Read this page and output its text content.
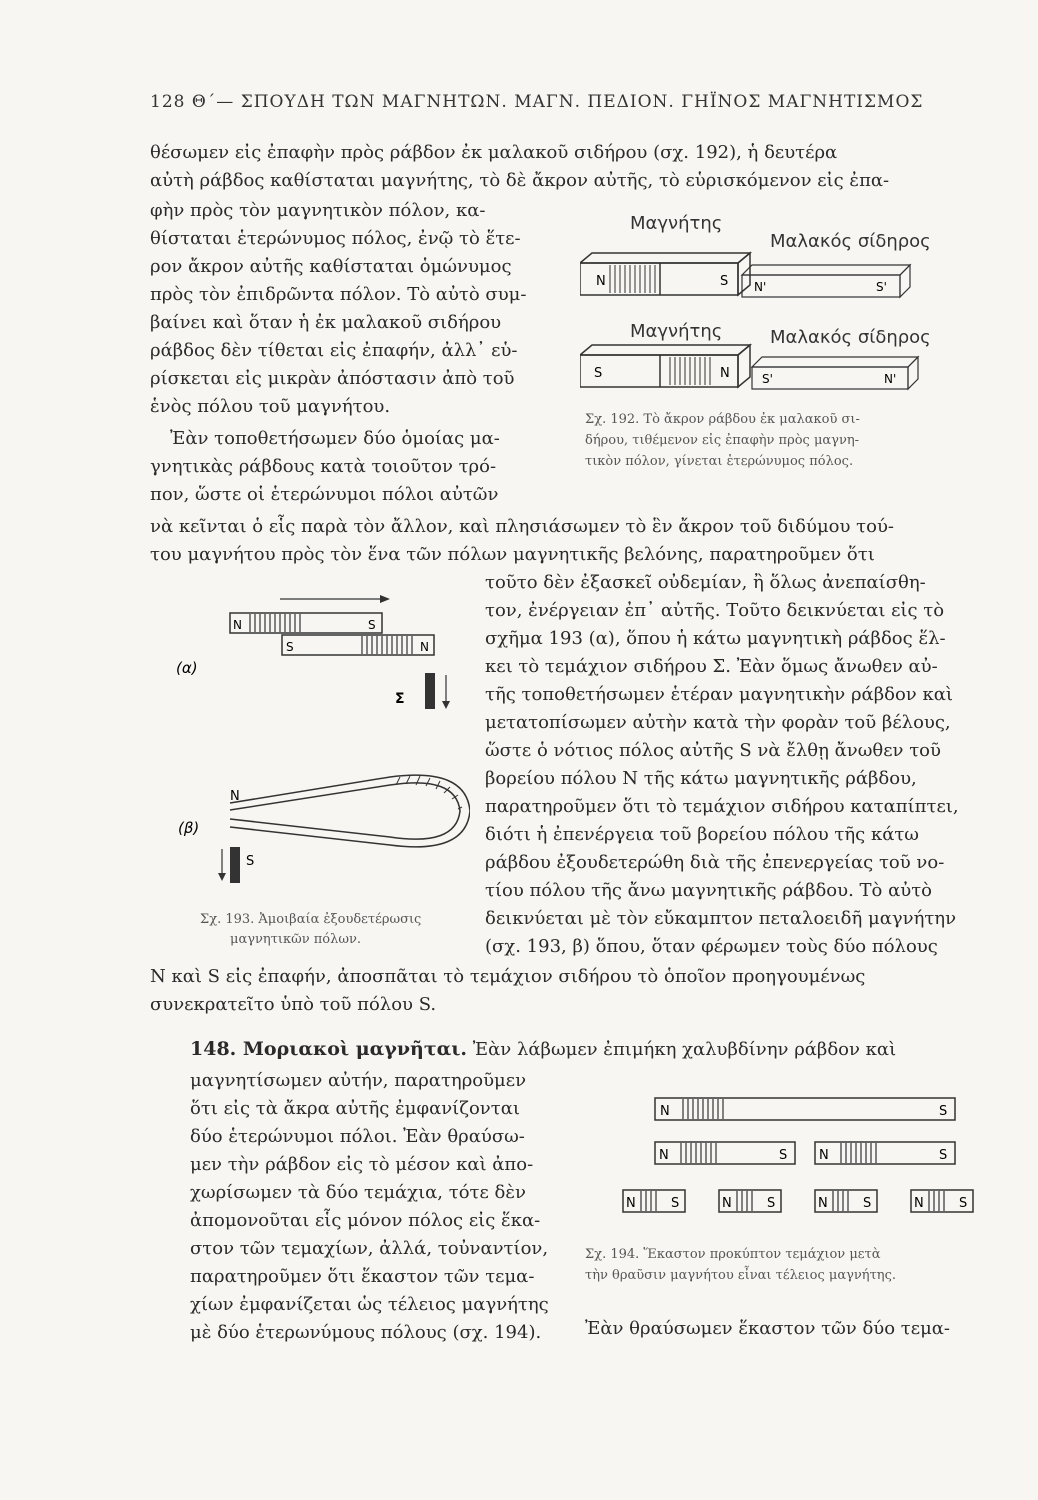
128 Θ΄— ΣΠΟΥΔΗ ΤΩΝ ΜΑΓΝΗΤΩΝ. ΜΑΓΝ. ΠΕΔΙΟΝ. ΓΗΪΝΟΣ ΜΑΓΝΗΤΙΣΜΟΣ
θέσωμεν εἰς ἐπαφὴν πρὸς ράβδον ἐκ μαλακοῦ σιδήρου (σχ. 192), ἡ δευτέρα
αὐτὴ ράβδος καθίσταται μαγνήτης, τὸ δὲ ἄκρον αὐτῆς, τὸ εὑρισκόμενον εἰς ἐπα-
φὴν πρὸς τὸν μαγνητικὸν πόλον, κα-
θίσταται ἑτερώνυμος πόλος, ἐνῷ τὸ ἕτε-
ρον ἄκρον αὐτῆς καθίσταται ὁμώνυμος
πρὸς τὸν ἐπιδρῶντα πόλον. Τὸ αὐτὸ συμ-
βαίνει καὶ ὅταν ἡ ἐκ μαλακοῦ σιδήρου
ράβδος δὲν τίθεται εἰς ἐπαφήν, ἀλλ᾽ εὑ-
ρίσκεται εἰς μικρὰν ἀπόστασιν ἀπὸ τοῦ
ἑνὸς πόλου τοῦ μαγνήτου.
Ἐὰν τοποθετήσωμεν δύο ὁμοίας μα-
γνητικὰς ράβδους κατὰ τοιοῦτον τρό-
πον, ὥστε οἱ ἑτερώνυμοι πόλοι αὐτῶν
Μαγνήτης
Μαλακός σίδηρος
N	S N'	S'
Μαγνήτης	Μαλακός σίδηρος
S	N	S'	N'
Σχ. 192. Τὸ ἄκρον ράβδου ἐκ μαλακοῦ σι-
δήρου, τιθέμενον εἰς ἐπαφὴν πρὸς μαγνη-
τικὸν πόλον, γίνεται ἑτερώνυμος πόλος.
νὰ κεῖνται ὁ εἷς παρὰ τὸν ἄλλον, καὶ πλησιάσωμεν τὸ ἓν ἄκρον τοῦ διδύμου τού-
του μαγνήτου πρὸς τὸν ἕνα τῶν πόλων μαγνητικῆς βελόνης, παρατηροῦμεν ὅτι
τοῦτο δὲν ἐξασκεῖ οὐδεμίαν, ἢ ὅλως ἀνεπαίσθη-
τον, ἐνέργειαν ἐπ᾽ αὐτῆς. Τοῦτο δεικνύεται εἰς τὸ
σχῆμα 193 (α), ὅπου ἡ κάτω μαγνητικὴ ράβδος ἕλ-
κει τὸ τεμάχιον σιδήρου Σ. Ἐὰν ὅμως ἄνωθεν αὐ-
τῆς τοποθετήσωμεν ἑτέραν μαγνητικὴν ράβδον καὶ
μετατοπίσωμεν αὐτὴν κατὰ τὴν φορὰν τοῦ βέλους,
ὥστε ὁ νότιος πόλος αὐτῆς S νὰ ἔλθῃ ἄνωθεν τοῦ
βορείου πόλου N τῆς κάτω μαγνητικῆς ράβδου,
παρατηροῦμεν ὅτι τὸ τεμάχιον σιδήρου καταπίπτει,
διότι ἡ ἐπενέργεια τοῦ βορείου πόλου τῆς κάτω
ράβδου ἐξουδετερώθη διὰ τῆς ἐπενεργείας τοῦ νο-
τίου πόλου τῆς ἄνω μαγνητικῆς ράβδου. Τὸ αὐτὸ
δεικνύεται μὲ τὸν εὔκαμπτον πεταλοειδῆ μαγνήτην
(σχ. 193, β) ὅπου, ὅταν φέρωμεν τοὺς δύο πόλους
N	S
S	N
(α)
Σ
N
(β)
S
Σχ. 193. Ἀμοιβαία ἐξουδετέρωσις
μαγνητικῶν πόλων.
N καὶ S εἰς ἐπαφήν, ἀποσπᾶται τὸ τεμάχιον σιδήρου τὸ ὁποῖον προηγουμένως
συνεκρατεῖτο ὑπὸ τοῦ πόλου S.
148. Μοριακοὶ μαγνῆται. Ἐὰν λάβωμεν ἐπιμήκη χαλυβδίνην ράβδον καὶ
μαγνητίσωμεν αὐτήν, παρατηροῦμεν
ὅτι εἰς τὰ ἄκρα αὐτῆς ἐμφανίζονται
δύο ἑτερώνυμοι πόλοι. Ἐὰν θραύσω-
μεν τὴν ράβδον εἰς τὸ μέσον καὶ ἀπο-
χωρίσωμεν τὰ δύο τεμάχια, τότε δὲν
ἀπομονοῦται εἷς μόνον πόλος εἰς ἕκα-
στον τῶν τεμαχίων, ἀλλά, τοὐναντίον,
παρατηροῦμεν ὅτι ἕκαστον τῶν τεμα-
χίων ἐμφανίζεται ὡς τέλειος μαγνήτης
μὲ δύο ἑτερωνύμους πόλους (σχ. 194). Ἐὰν θραύσωμεν ἕκαστον τῶν δύο τεμα-
N	S
N	S N	S
N	S	N	S	N	S	N	S
Σχ. 194. Ἕκαστον προκύπτον τεμάχιον μετὰ
τὴν θραῦσιν μαγνήτου εἶναι τέλειος μαγνήτης.
